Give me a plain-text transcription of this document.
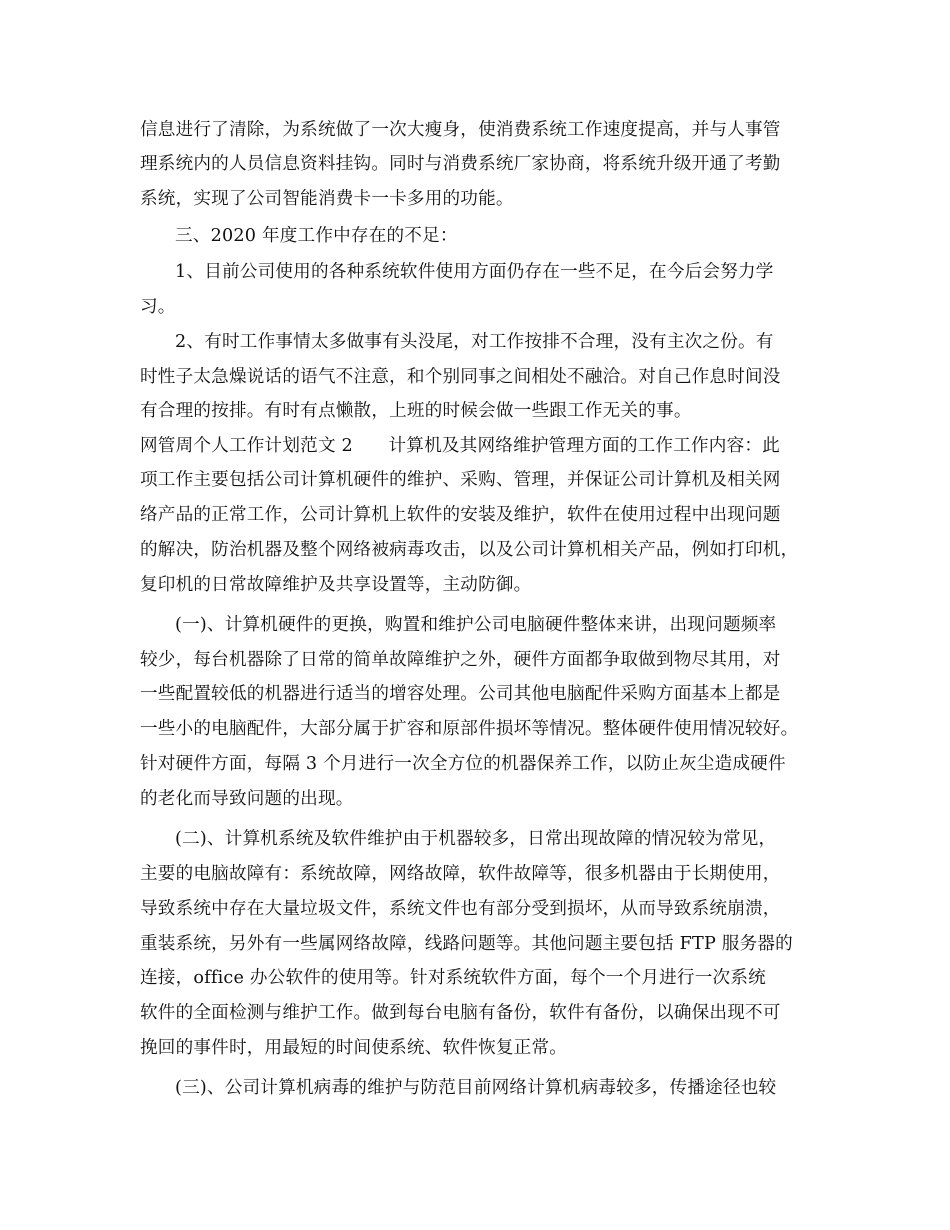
信息进行了清除，为系统做了一次大瘦身，使消费系统工作速度提高，并与人事管
理系统内的人员信息资料挂钩。同时与消费系统厂家协商，将系统升级开通了考勤
系统，实现了公司智能消费卡一卡多用的功能。
三、2020 年度工作中存在的不足：
1、目前公司使用的各种系统软件使用方面仍存在一些不足，在今后会努力学
习。
2、有时工作事情太多做事有头没尾，对工作按排不合理，没有主次之份。有
时性子太急燥说话的语气不注意，和个别同事之间相处不融洽。对自己作息时间没
有合理的按排。有时有点懒散，上班的时候会做一些跟工作无关的事。
网管周个人工作计划范文 2　　计算机及其网络维护管理方面的工作工作内容：此
项工作主要包括公司计算机硬件的维护、采购、管理，并保证公司计算机及相关网
络产品的正常工作，公司计算机上软件的安装及维护，软件在使用过程中出现问题
的解决，防治机器及整个网络被病毒攻击，以及公司计算机相关产品，例如打印机，
复印机的日常故障维护及共享设置等，主动防御。
(一)、计算机硬件的更换，购置和维护公司电脑硬件整体来讲，出现问题频率
较少，每台机器除了日常的简单故障维护之外，硬件方面都争取做到物尽其用，对
一些配置较低的机器进行适当的增容处理。公司其他电脑配件采购方面基本上都是
一些小的电脑配件，大部分属于扩容和原部件损坏等情况。整体硬件使用情况较好。
针对硬件方面，每隔 3 个月进行一次全方位的机器保养工作，以防止灰尘造成硬件
的老化而导致问题的出现。
(二)、计算机系统及软件维护由于机器较多，日常出现故障的情况较为常见，
主要的电脑故障有：系统故障，网络故障，软件故障等，很多机器由于长期使用，
导致系统中存在大量垃圾文件，系统文件也有部分受到损坏，从而导致系统崩溃，
重装系统，另外有一些属网络故障，线路问题等。其他问题主要包括 FTP 服务器的
连接，office 办公软件的使用等。针对系统软件方面，每个一个月进行一次系统
软件的全面检测与维护工作。做到每台电脑有备份，软件有备份，以确保出现不可
挽回的事件时，用最短的时间使系统、软件恢复正常。
(三)、公司计算机病毒的维护与防范目前网络计算机病毒较多，传播途径也较
